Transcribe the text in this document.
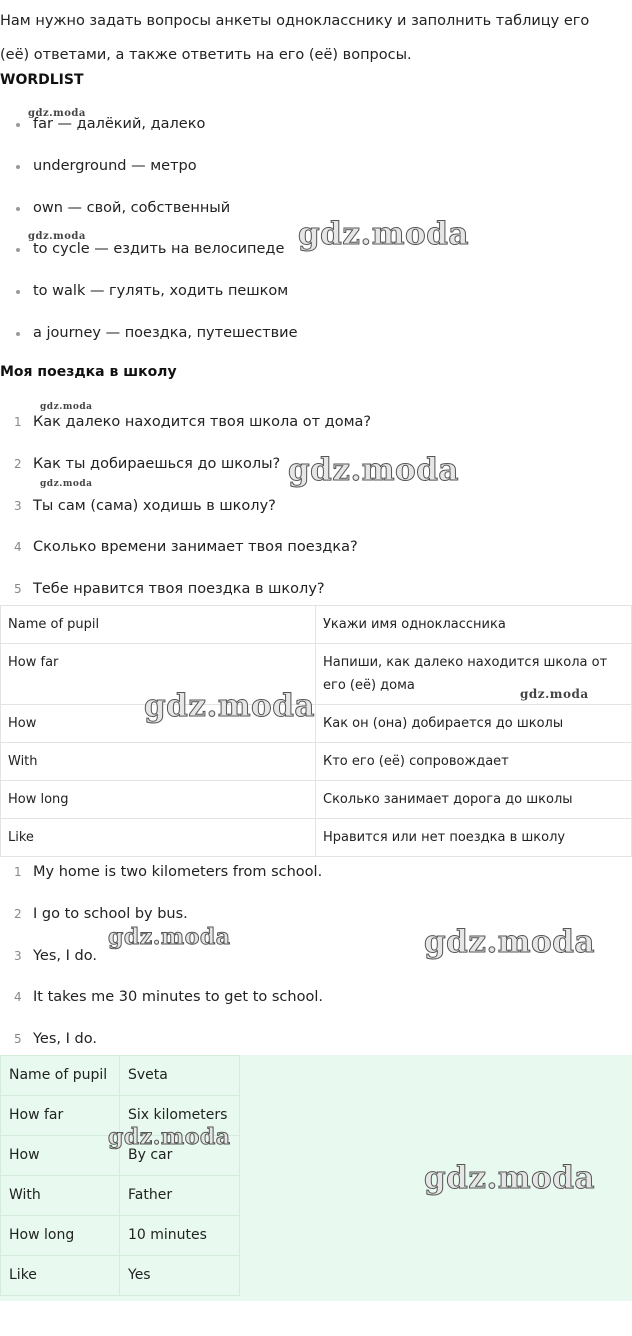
Нам нужно задать вопросы анкеты однокласснику и заполнить таблицу его
(её) ответами, а также ответить на его (её) вопросы.
WORDLIST
far — далёкий, далеко
underground — метро
own — свой, собственный
to cycle — ездить на велосипеде
to walk — гулять, ходить пешком
a journey — поездка, путешествие
Моя поездка в школу
1 Как далеко находится твоя школа от дома?
2 Как ты добираешься до школы?
3 Ты сам (сама) ходишь в школу?
4 Сколько времени занимает твоя поездка?
5 Тебе нравится твоя поездка в школу?

Name of pupil	Укажи имя одноклассника

How far	Напиши, как далеко находится школа от его (её) дома

How	Как он (она) добирается до школы

With	Кто его (её) сопровождает

How long	Сколько занимает дорога до школы

Like	Нравится или нет поездка в школу

1 My home is two kilometers from school.
2 I go to school by bus.
3 Yes, I do.
4 It takes me 30 minutes to get to school.
5 Yes, I do.
Name of pupil	Sveta
How far	Six kilometers
How	By car
With	Father
How long	10 minutes
Like	Yes
gdz.moda
gdz.moda	gdz.moda
gdz.moda
gdz.moda	gdz.moda
gdz.moda	gdz.moda
gdz.moda	gdz.moda
gdz.moda
gdz.moda
